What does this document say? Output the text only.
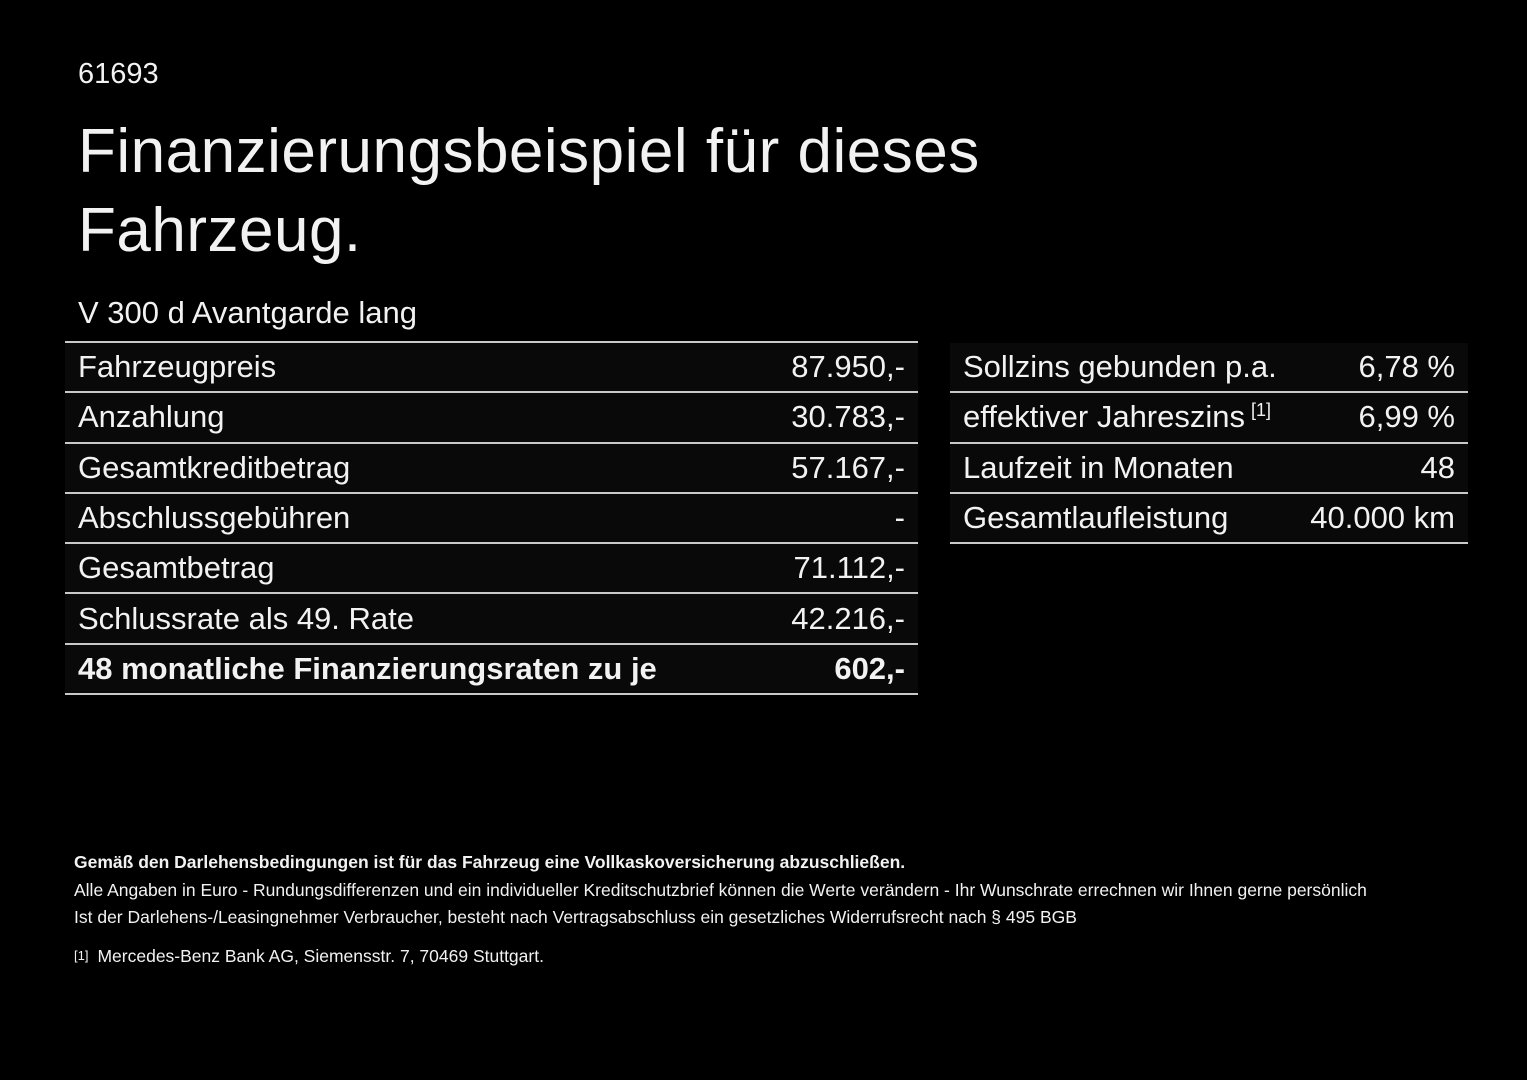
61693
Finanzierungsbeispiel für dieses Fahrzeug.
V 300 d Avantgarde lang
Fahrzeugpreis	87.950,-
Anzahlung	30.783,-
Gesamtkreditbetrag	57.167,-
Abschlussgebühren	-
Gesamtbetrag	71.112,-
Schlussrate als 49. Rate	42.216,-
48 monatliche Finanzierungsraten zu je	602,-
Sollzins gebunden p.a.	6,78 %
effektiver Jahreszins [1]	6,99 %
Laufzeit in Monaten	48
Gesamtlaufleistung	40.000 km
Gemäß den Darlehensbedingungen ist für das Fahrzeug eine Vollkaskoversicherung abzuschließen.
Alle Angaben in Euro - Rundungsdifferenzen und ein individueller Kreditschutzbrief können die Werte verändern - Ihr Wunschrate errechnen wir Ihnen gerne persönlich
Ist der Darlehens-/Leasingnehmer Verbraucher, besteht nach Vertragsabschluss ein gesetzliches Widerrufsrecht nach § 495 BGB
[1] Mercedes-Benz Bank AG, Siemensstr. 7, 70469 Stuttgart.
